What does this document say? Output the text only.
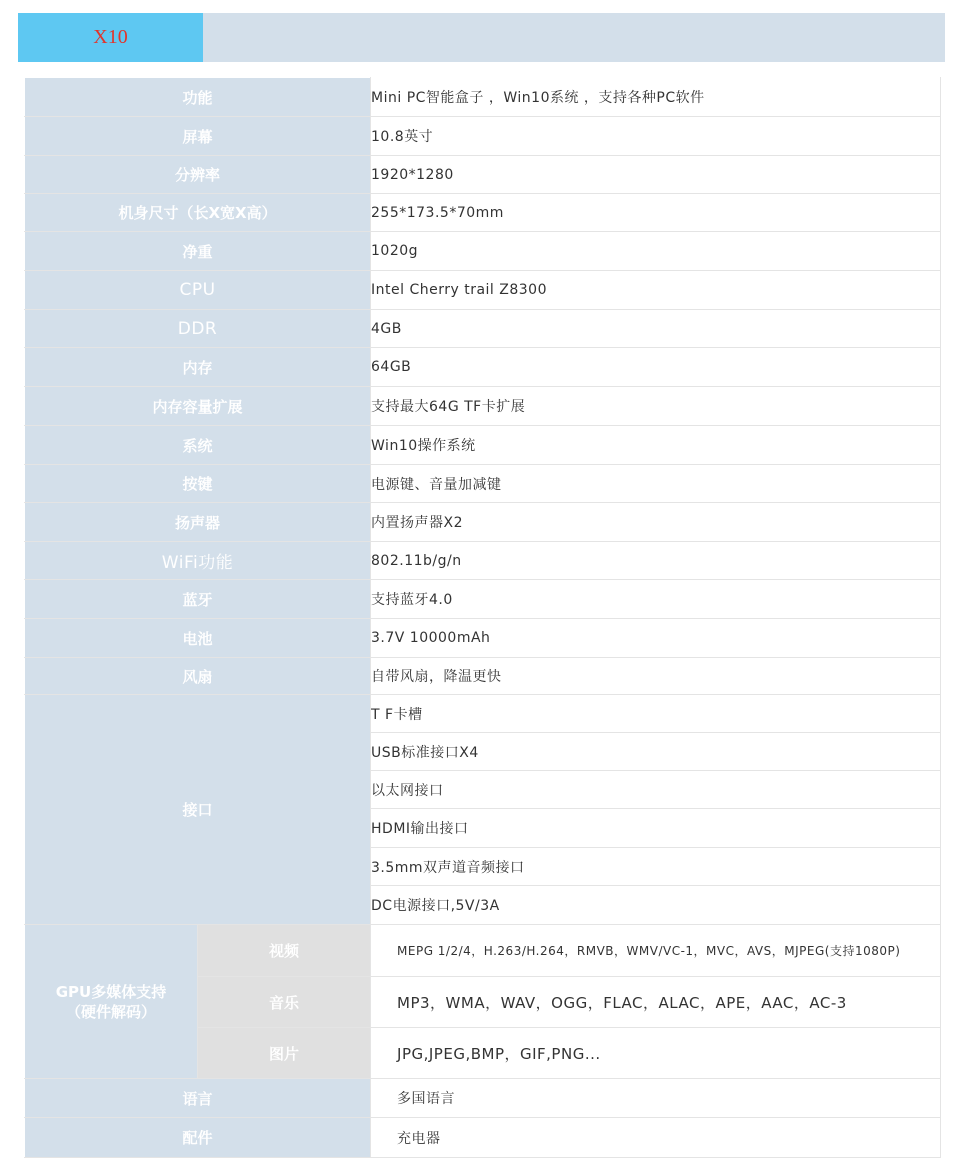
X10
功能		Mini PC智能盒子 ，Win10系统 ，支持各种PC软件
屏幕		10.8英寸
分辨率		1920*1280
机身尺寸（长X宽X高）		255*173.5*70mm
净重		1020g
CPU		Intel Cherry trail Z8300
DDR		4GB
内存		64GB
内存容量扩展		支持最大64G TF卡扩展
系统		Win10操作系统
按键		电源键、音量加减键
扬声器		内置扬声器X2
WiFi功能		802.11b/g/n
蓝牙		支持蓝牙4.0
电池		3.7V 10000mAh
风扇		自带风扇，降温更快
接口		T F卡槽
		USB标准接口X4
		以太网接口
		HDMI输出接口
		3.5mm双声道音频接口
		DC电源接口,5V/3A

GPU多媒体支持
（硬件解码）	视频	MEPG 1/2/4，H.263/H.264，RMVB，WMV/VC-1，MVC，AVS，MJPEG(支持1080P)
	音乐	MP3，WMA，WAV，OGG，FLAC，ALAC，APE，AAC，AC-3
	图片	JPG,JPEG,BMP，GIF,PNG...
语言		多国语言
配件		充电器
